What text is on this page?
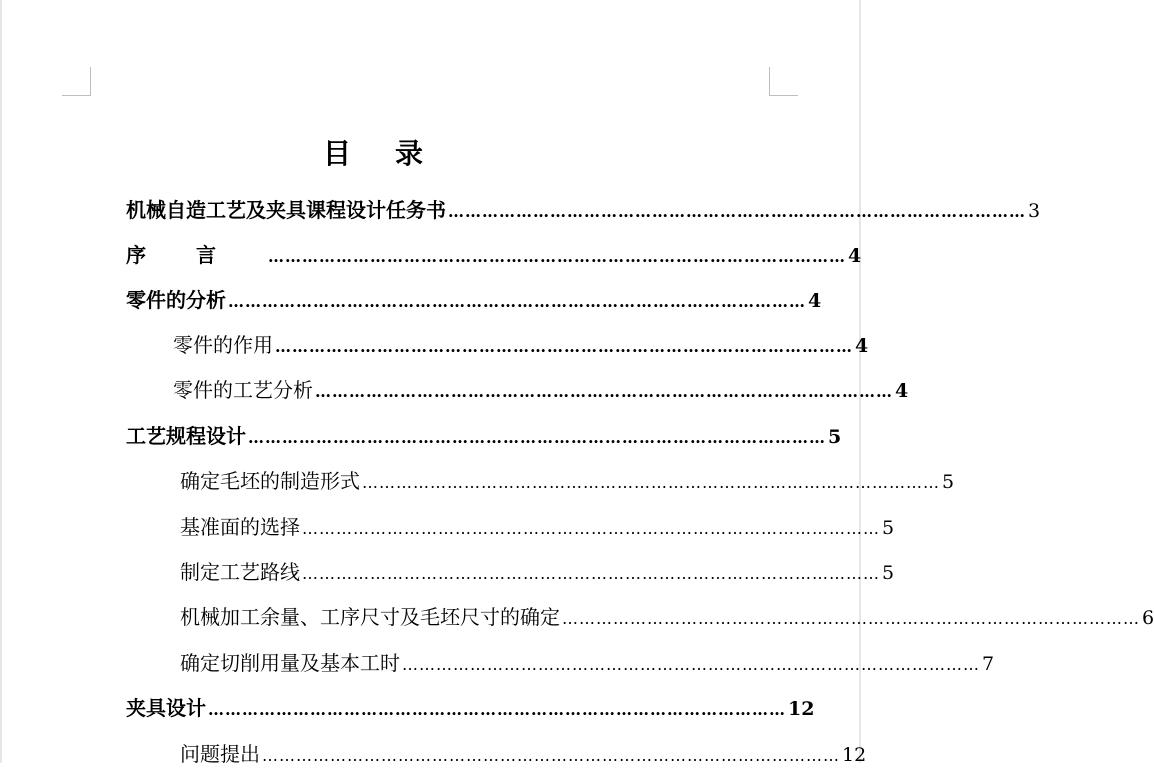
目录
机械自造工艺及夹具课程设计任务书 ………………………………………………………………………………………… 3
序言 ………………………………………………………………………………………… 4
零件的分析 ………………………………………………………………………………………… 4
零件的作用 ………………………………………………………………………………………… 4
零件的工艺分析 ………………………………………………………………………………………… 4
工艺规程设计 ………………………………………………………………………………………… 5
确定毛坯的制造形式 ………………………………………………………………………………………… 5
基准面的选择 ………………………………………………………………………………………… 5
制定工艺路线 ………………………………………………………………………………………… 5
机械加工余量、工序尺寸及毛坯尺寸的确定 ………………………………………………………………………………………… 6
确定切削用量及基本工时 ………………………………………………………………………………………… 7
夹具设计 ………………………………………………………………………………………… 12
问题提出 ………………………………………………………………………………………… 12
